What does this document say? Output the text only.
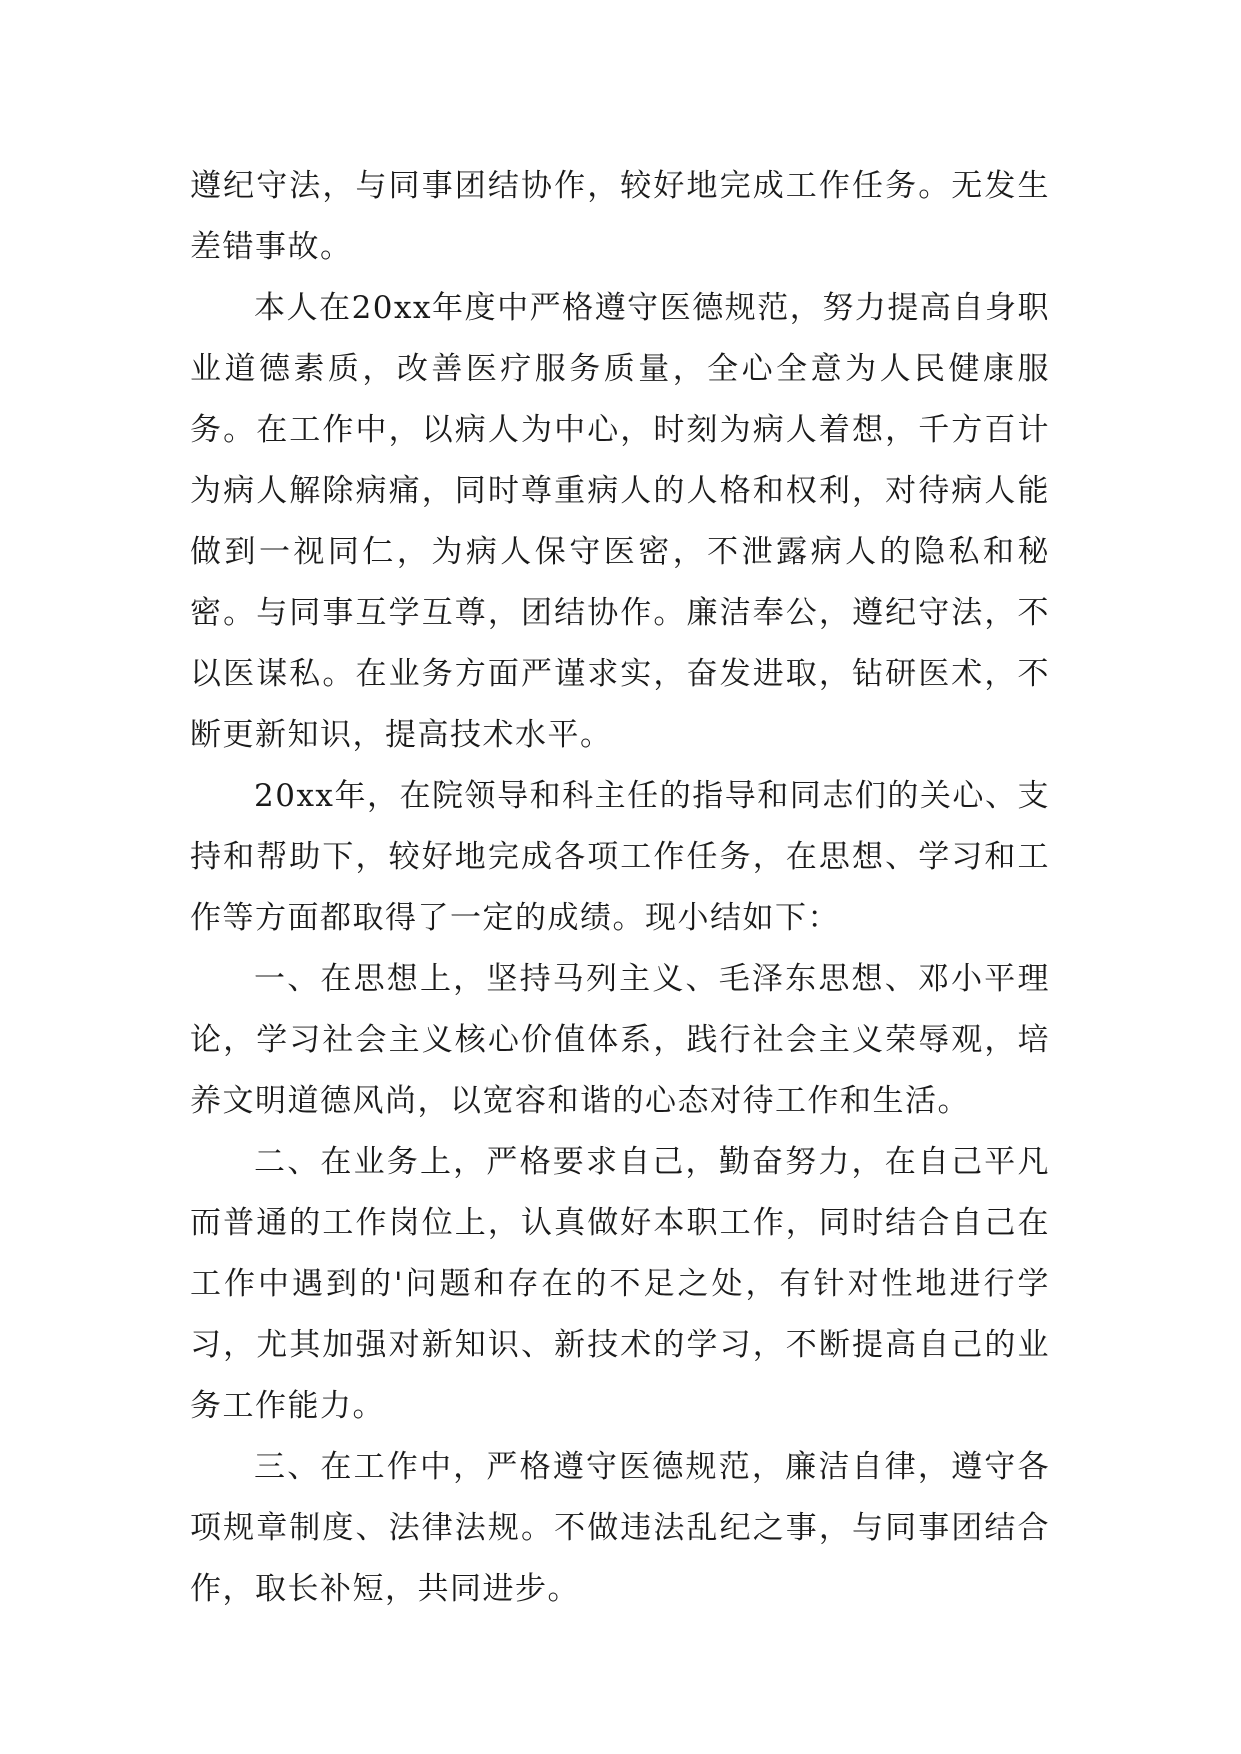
遵纪守法，与同事团结协作，较好地完成工作任务。无发生差错事故。

本人在20xx年度中严格遵守医德规范，努力提高自身职业道德素质，改善医疗服务质量，全心全意为人民健康服务。在工作中，以病人为中心，时刻为病人着想，千方百计为病人解除病痛，同时尊重病人的人格和权利，对待病人能做到一视同仁，为病人保守医密，不泄露病人的隐私和秘密。与同事互学互尊，团结协作。廉洁奉公，遵纪守法，不以医谋私。在业务方面严谨求实，奋发进取，钻研医术，不断更新知识，提高技术水平。

20xx年，在院领导和科主任的指导和同志们的关心、支持和帮助下，较好地完成各项工作任务，在思想、学习和工作等方面都取得了一定的成绩。现小结如下：

一、在思想上，坚持马列主义、毛泽东思想、邓小平理论，学习社会主义核心价值体系，践行社会主义荣辱观，培养文明道德风尚，以宽容和谐的心态对待工作和生活。

二、在业务上，严格要求自己，勤奋努力，在自己平凡而普通的工作岗位上，认真做好本职工作，同时结合自己在工作中遇到的'问题和存在的不足之处，有针对性地进行学习，尤其加强对新知识、新技术的学习，不断提高自己的业务工作能力。

三、在工作中，严格遵守医德规范，廉洁自律，遵守各项规章制度、法律法规。不做违法乱纪之事，与同事团结合作，取长补短，共同进步。
